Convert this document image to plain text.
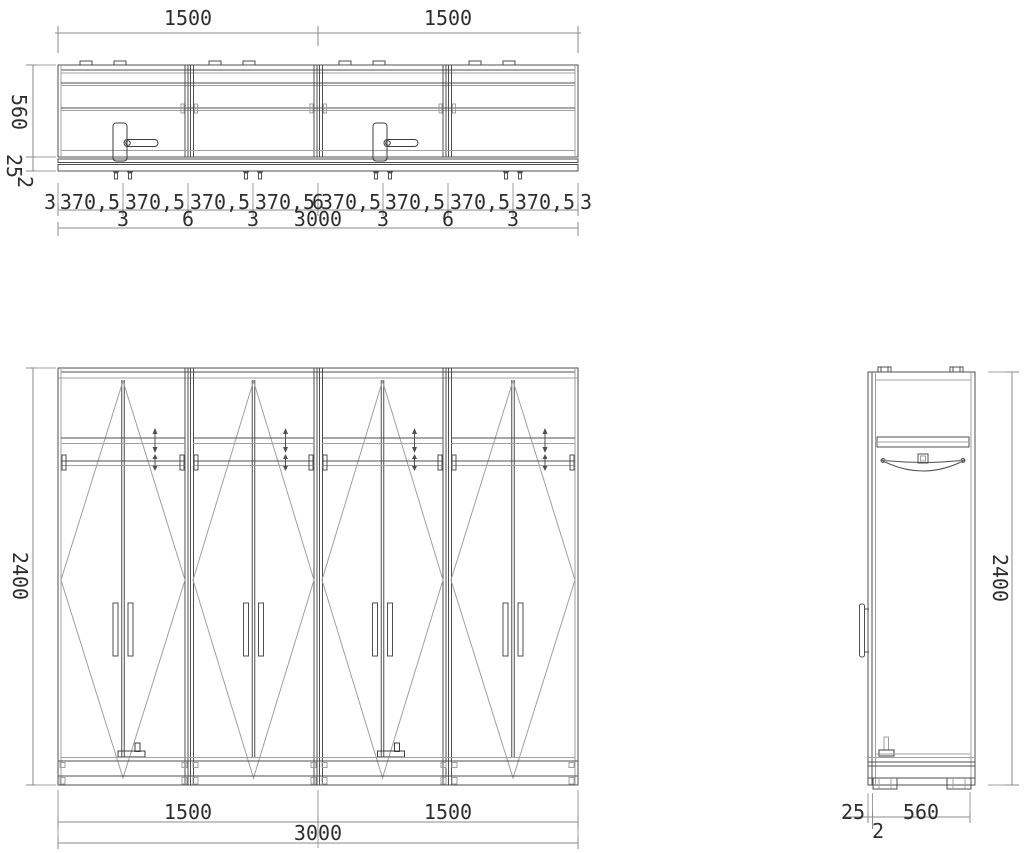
1500	1500
560
25
2
3 370,5 370,5 370,5 370,5
6
370,5 370,5 370,5 370,5 3
3	6	3 3000 3	6	3
2400
1500	1500
3000
25 560
2
2400
